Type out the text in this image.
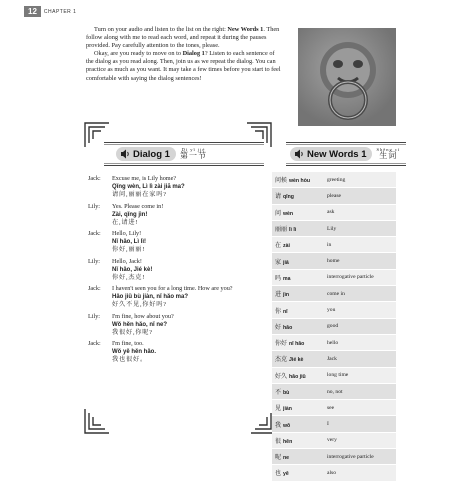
12	CHAPTER 1

Turn on your audio and listen to the list on the right: New Words 1. Then follow along with me to read each word, and repeat it during the pauses provided. Pay carefully attention to the tones, please.

Okay, are you ready to move on to Dialog 1? Listen to each sentence of the dialog as you read along. Then, join us as we repeat the dialog. You can practice as much as you want. It may take a few times before you start to feel comfortable with saying the dialog sentences!

Dialog 1	Dì yī jié
第一节	New Words 1 Shēng cí
生词
Jack:	Excuse me, is Lily home?
Qǐng wèn, Lì lì zài jiā ma?
请问,丽丽在家吗?
Lily:	Yes. Please come in!
Zài, qǐng jìn!
在,请进!
Jack:	Hello, Lily!
Nǐ hǎo, Lì lì!
你好,丽丽!
Lily:	Hello, Jack!
Nǐ hǎo, Jié kè!
你好,杰克!
Jack:	I haven't seen you for a long time. How are you?
Hǎo jiǔ bù jiàn, nǐ hǎo ma?
好久不见,你好吗?
Lily:	I'm fine, how about you?
Wǒ hěn hǎo, nǐ ne?
我很好,你呢?
Jack:	I'm fine, too.
Wǒ yě hěn hǎo.
我也很好。
问候 wèn hòu	greeting
请 qǐng	please
问 wèn	ask
丽丽 lì lì	Lily
在 zài	in
家 jiā	home
吗 ma	interrogative particle
进 jìn	come in
你 nǐ	you
好 hǎo	good
你好 nǐ hǎo	hello
杰克 Jié kè	Jack
好久 hǎo jiǔ	long time
不 bù	no, not
见 jiàn	see
我 wǒ	I
很 hěn	very
呢 ne	interrogative particle
也 yě	also
